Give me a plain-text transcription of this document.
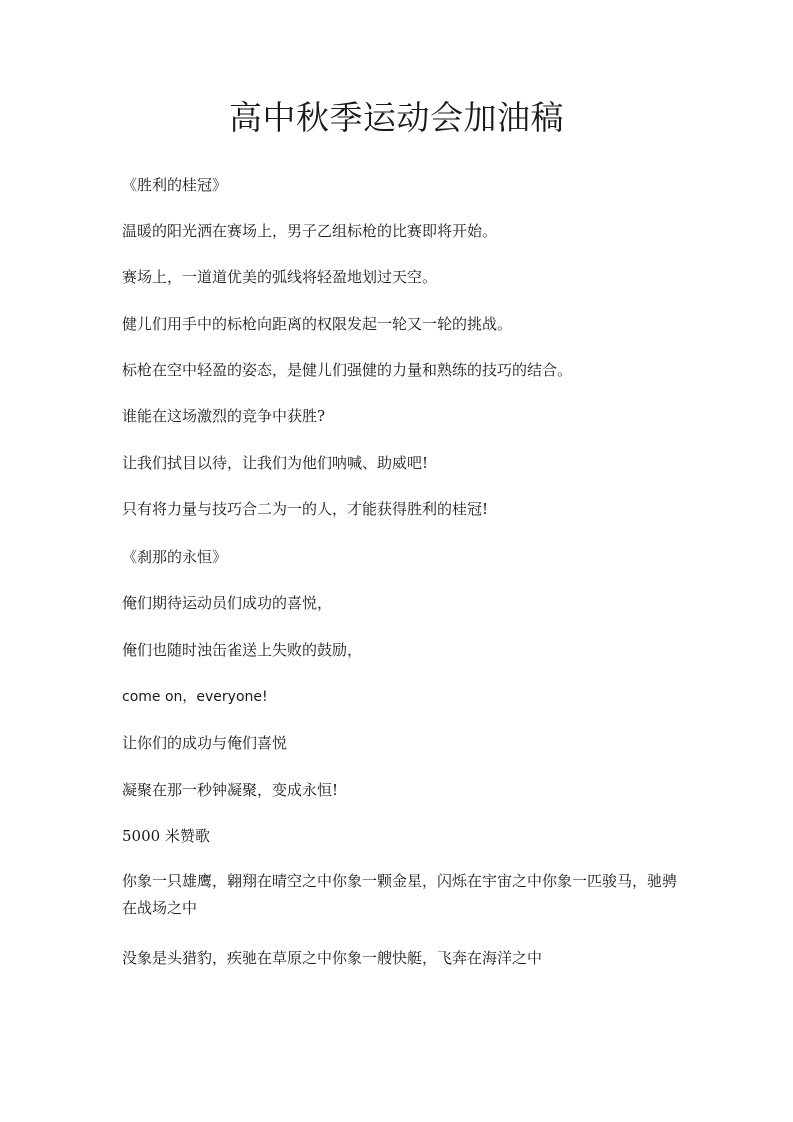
高中秋季运动会加油稿
《胜利的桂冠》
温暖的阳光洒在赛场上，男子乙组标枪的比赛即将开始。
赛场上，一道道优美的弧线将轻盈地划过天空。
健儿们用手中的标枪向距离的权限发起一轮又一轮的挑战。
标枪在空中轻盈的姿态，是健儿们强健的力量和熟练的技巧的结合。
谁能在这场激烈的竞争中获胜?
让我们拭目以待，让我们为他们呐喊、助威吧!
只有将力量与技巧合二为一的人，才能获得胜利的桂冠!
《刹那的永恒》
俺们期待运动员们成功的喜悦，
俺们也随时浊缶雀送上失败的鼓励，
come on，everyone!
让你们的成功与俺们喜悦
凝聚在那一秒钟凝聚，变成永恒!
5000 米赞歌
你象一只雄鹰，翱翔在晴空之中你象一颗金星，闪烁在宇宙之中你象一匹骏马，驰骋在战场之中
没象是头猎豹，疾驰在草原之中你象一艘快艇，飞奔在海洋之中
